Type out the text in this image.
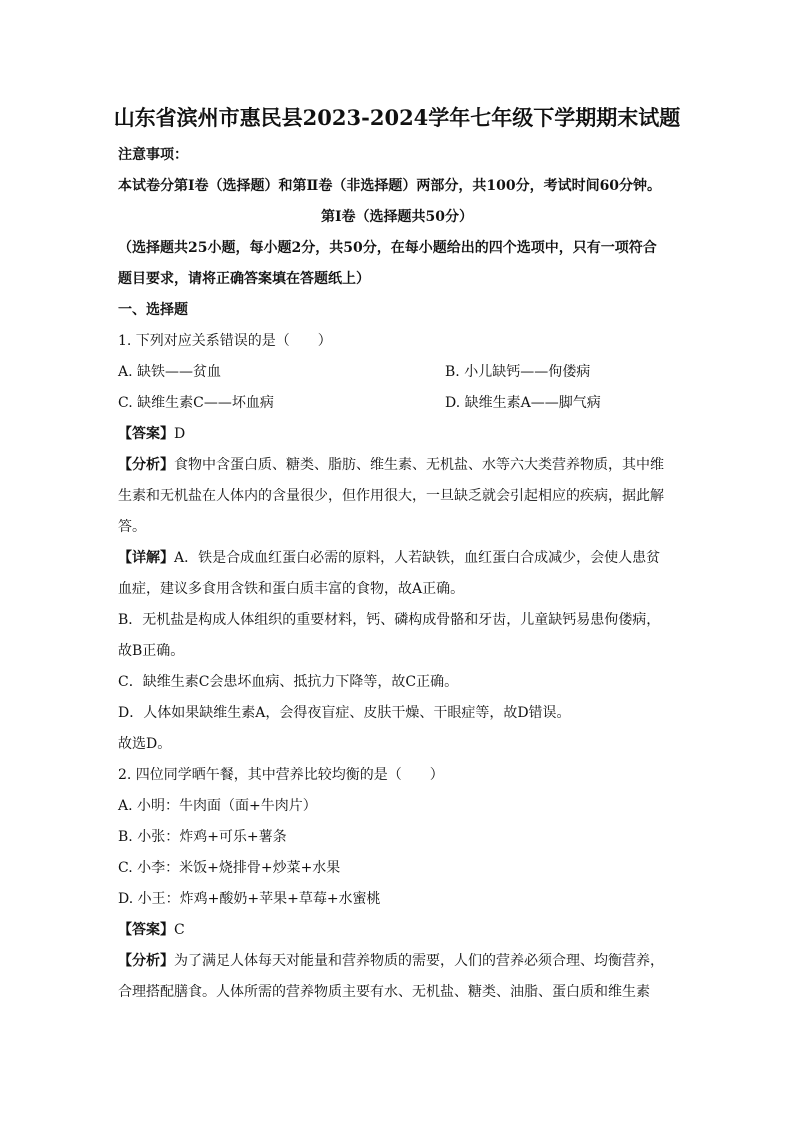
山东省滨州市惠民县2023-2024学年七年级下学期期末试题
注意事项：
本试卷分第Ⅰ卷（选择题）和第Ⅱ卷（非选择题）两部分，共100分，考试时间60分钟。
第Ⅰ卷（选择题共50分）
（选择题共25小题，每小题2分，共50分，在每小题给出的四个选项中，只有一项符合
题目要求，请将正确答案填在答题纸上）
一、选择题
1. 下列对应关系错误的是（　　）
A. 缺铁——贫血	B. 小儿缺钙——佝偻病
C. 缺维生素C——坏血病	D. 缺维生素A——脚气病
【答案】D
【分析】食物中含蛋白质、糖类、脂肪、维生素、无机盐、水等六大类营养物质，其中维
生素和无机盐在人体内的含量很少，但作用很大，一旦缺乏就会引起相应的疾病，据此解
答。
【详解】A．铁是合成血红蛋白必需的原料，人若缺铁，血红蛋白合成减少，会使人患贫
血症，建议多食用含铁和蛋白质丰富的食物，故A正确。
B．无机盐是构成人体组织的重要材料，钙、磷构成骨骼和牙齿，儿童缺钙易患佝偻病，
故B正确。
C．缺维生素C会患坏血病、抵抗力下降等，故C正确。
D．人体如果缺维生素A，会得夜盲症、皮肤干燥、干眼症等，故D错误。
故选D。
2. 四位同学晒午餐，其中营养比较均衡的是（　　）
A. 小明：牛肉面（面+牛肉片）
B. 小张：炸鸡+可乐+薯条
C. 小李：米饭+烧排骨+炒菜+水果
D. 小王：炸鸡+酸奶+苹果+草莓+水蜜桃
【答案】C
【分析】为了满足人体每天对能量和营养物质的需要，人们的营养必须合理、均衡营养，
合理搭配膳食。人体所需的营养物质主要有水、无机盐、糖类、油脂、蛋白质和维生素
